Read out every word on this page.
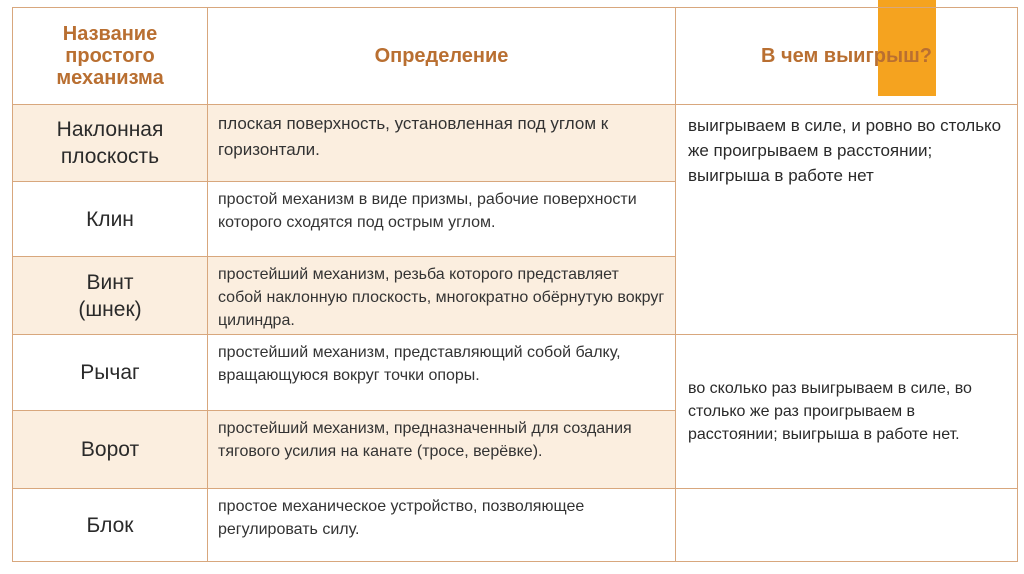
Название простого механизма	Определение	В чем выигрыш?

Наклонная
плоскость	плоская поверхность, установленная под углом к горизонтали.	выигрываем в силе, и ровно во столько же проигрываем в расстоянии; выигрыша в работе нет

Клин	простой механизм в виде призмы, рабочие поверхности которого сходятся под острым углом.	

Винт
(шнек)	простейший механизм, резьба которого представляет собой наклонную плоскость, многократно обёрнутую вокруг цилиндра.	

Рычаг	простейший механизм, представляющий собой балку, вращающуюся вокруг точки опоры.	во сколько раз выигрываем в силе, во столько же раз проигрываем в расстоянии; выигрыша в работе нет.

Ворот	простейший механизм, предназначенный для создания тягового усилия на канате (тросе, верёвке).	

Блок	простое механическое устройство, позволяющее регулировать силу.	
